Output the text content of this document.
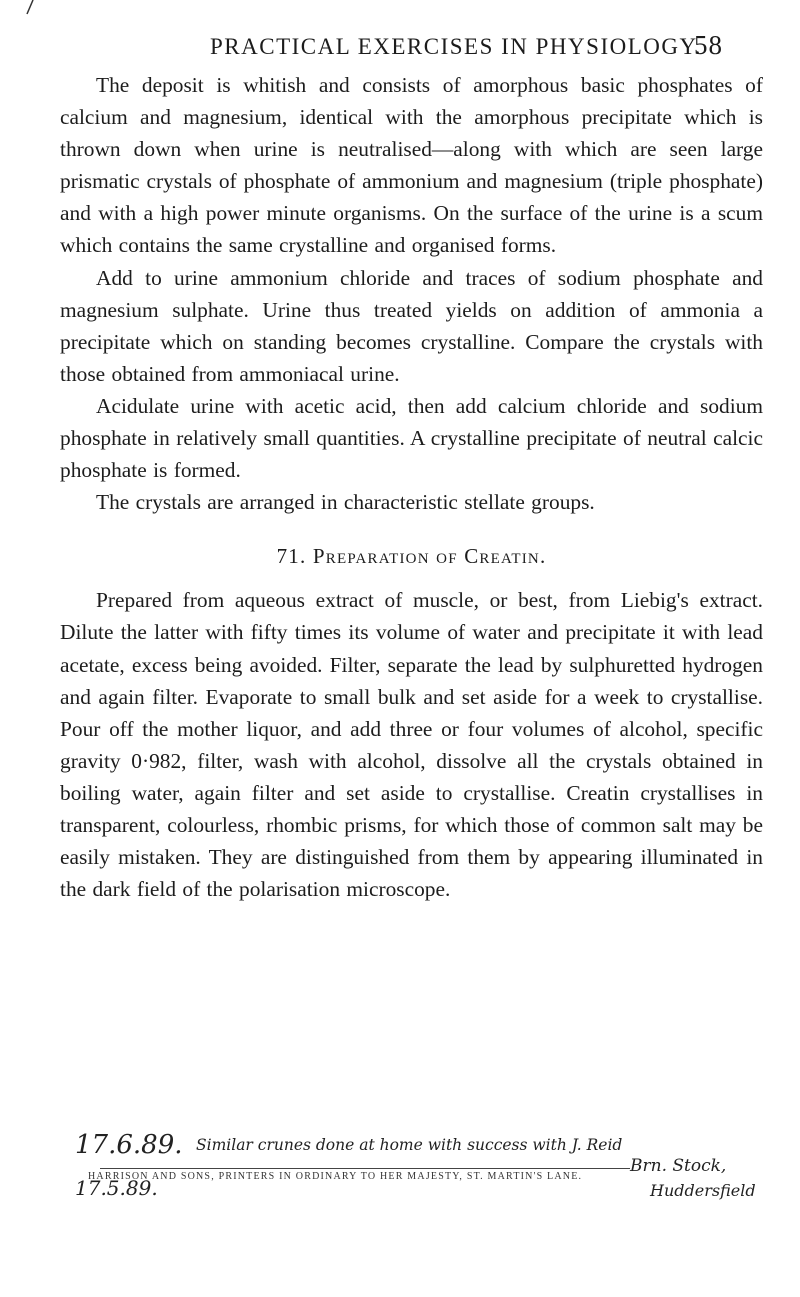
PRACTICAL EXERCISES IN PHYSIOLOGY.
58

The deposit is whitish and consists of amorphous basic phosphates of calcium and magnesium, identical with the amorphous precipitate which is thrown down when urine is neutralised—along with which are seen large prismatic crystals of phosphate of ammonium and magnesium (triple phosphate) and with a high power minute organisms. On the surface of the urine is a scum which contains the same crystalline and organised forms.

Add to urine ammonium chloride and traces of sodium phosphate and magnesium sulphate. Urine thus treated yields on addition of ammonia a precipitate which on standing becomes crystalline. Compare the crystals with those obtained from ammoniacal urine.

Acidulate urine with acetic acid, then add calcium chloride and sodium phosphate in relatively small quantities. A crystalline precipitate of neutral calcic phosphate is formed.

The crystals are arranged in characteristic stellate groups.

71. Preparation of Creatin.

Prepared from aqueous extract of muscle, or best, from Liebig's extract. Dilute the latter with fifty times its volume of water and precipitate it with lead acetate, excess being avoided. Filter, separate the lead by sulphuretted hydrogen and again filter. Evaporate to small bulk and set aside for a week to crystallise. Pour off the mother liquor, and add three or four volumes of alcohol, specific gravity 0·982, filter, wash with alcohol, dissolve all the crystals obtained in boiling water, again filter and set aside to crystallise. Creatin crystallises in transparent, colourless, rhombic prisms, for which those of common salt may be easily mistaken. They are distinguished from them by appearing illuminated in the dark field of the polarisation microscope.

17.6.89. Similar crunes done at home with success with J. Reid
17.5.89.
Brn. Stock,
Huddersfield
HARRISON AND SONS, PRINTERS IN ORDINARY TO HER MAJESTY, ST. MARTIN'S LANE.
